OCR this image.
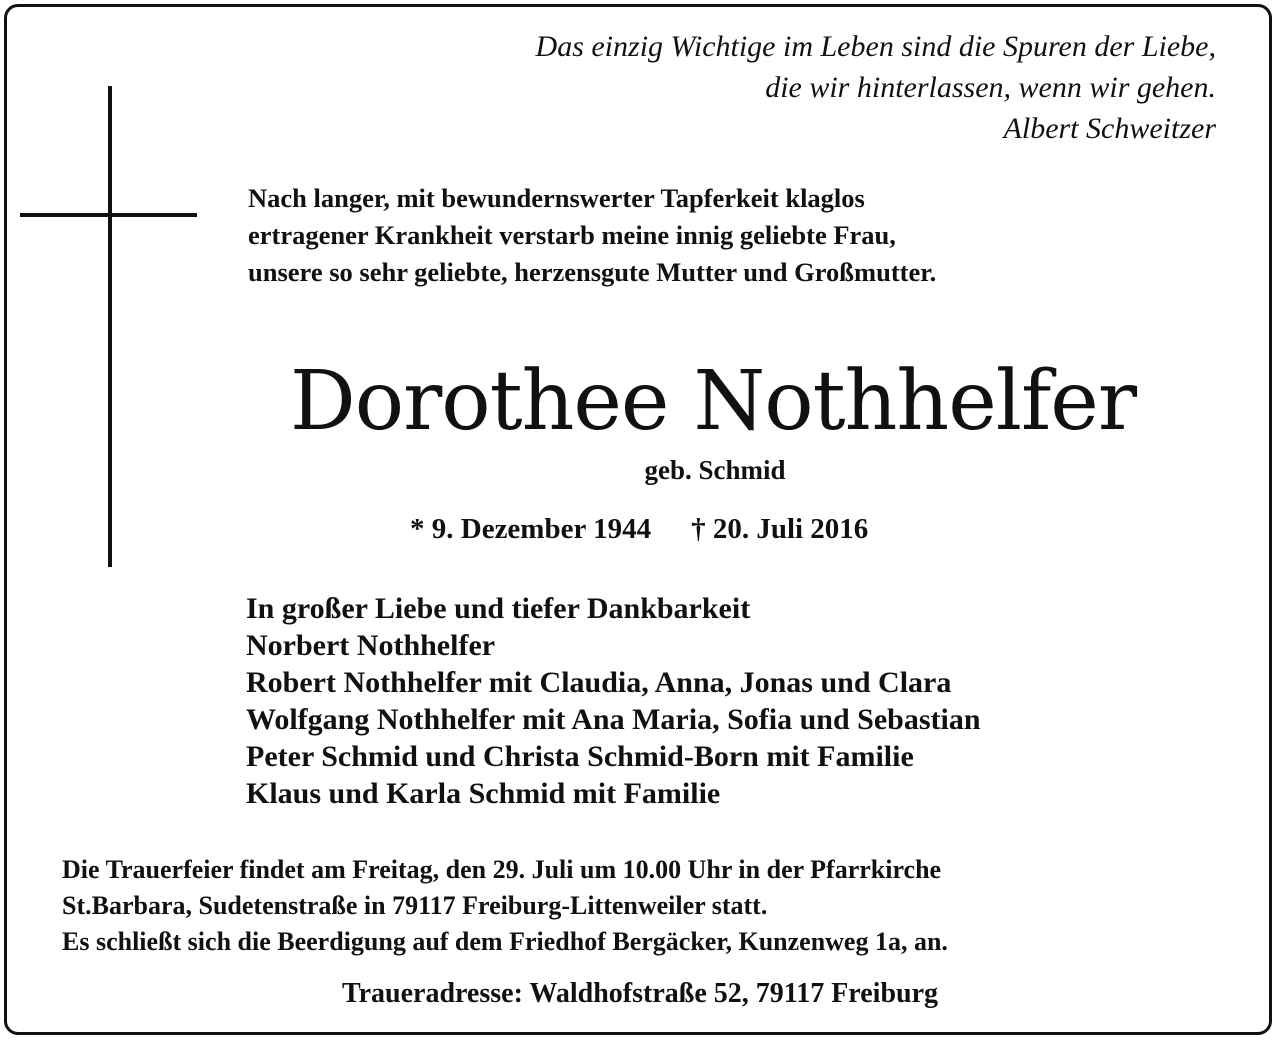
Das einzig Wichtige im Leben sind die Spuren der Liebe,
die wir hinterlassen, wenn wir gehen.
Albert Schweitzer
Nach langer, mit bewundernswerter Tapferkeit klaglos
ertragener Krankheit verstarb meine innig geliebte Frau,
unsere so sehr geliebte, herzensgute Mutter und Großmutter.
Dorothee Nothhelfer
geb. Schmid
* 9. Dezember 1944 † 20. Juli 2016
In großer Liebe und tiefer Dankbarkeit
Norbert Nothhelfer
Robert Nothhelfer mit Claudia, Anna, Jonas und Clara
Wolfgang Nothhelfer mit Ana Maria, Sofia und Sebastian
Peter Schmid und Christa Schmid-Born mit Familie
Klaus und Karla Schmid mit Familie
Die Trauerfeier findet am Freitag, den 29. Juli um 10.00 Uhr in der Pfarrkirche
St.Barbara, Sudetenstraße in 79117 Freiburg-Littenweiler statt.
Es schließt sich die Beerdigung auf dem Friedhof Bergäcker, Kunzenweg 1a, an.
Traueradresse: Waldhofstraße 52, 79117 Freiburg
